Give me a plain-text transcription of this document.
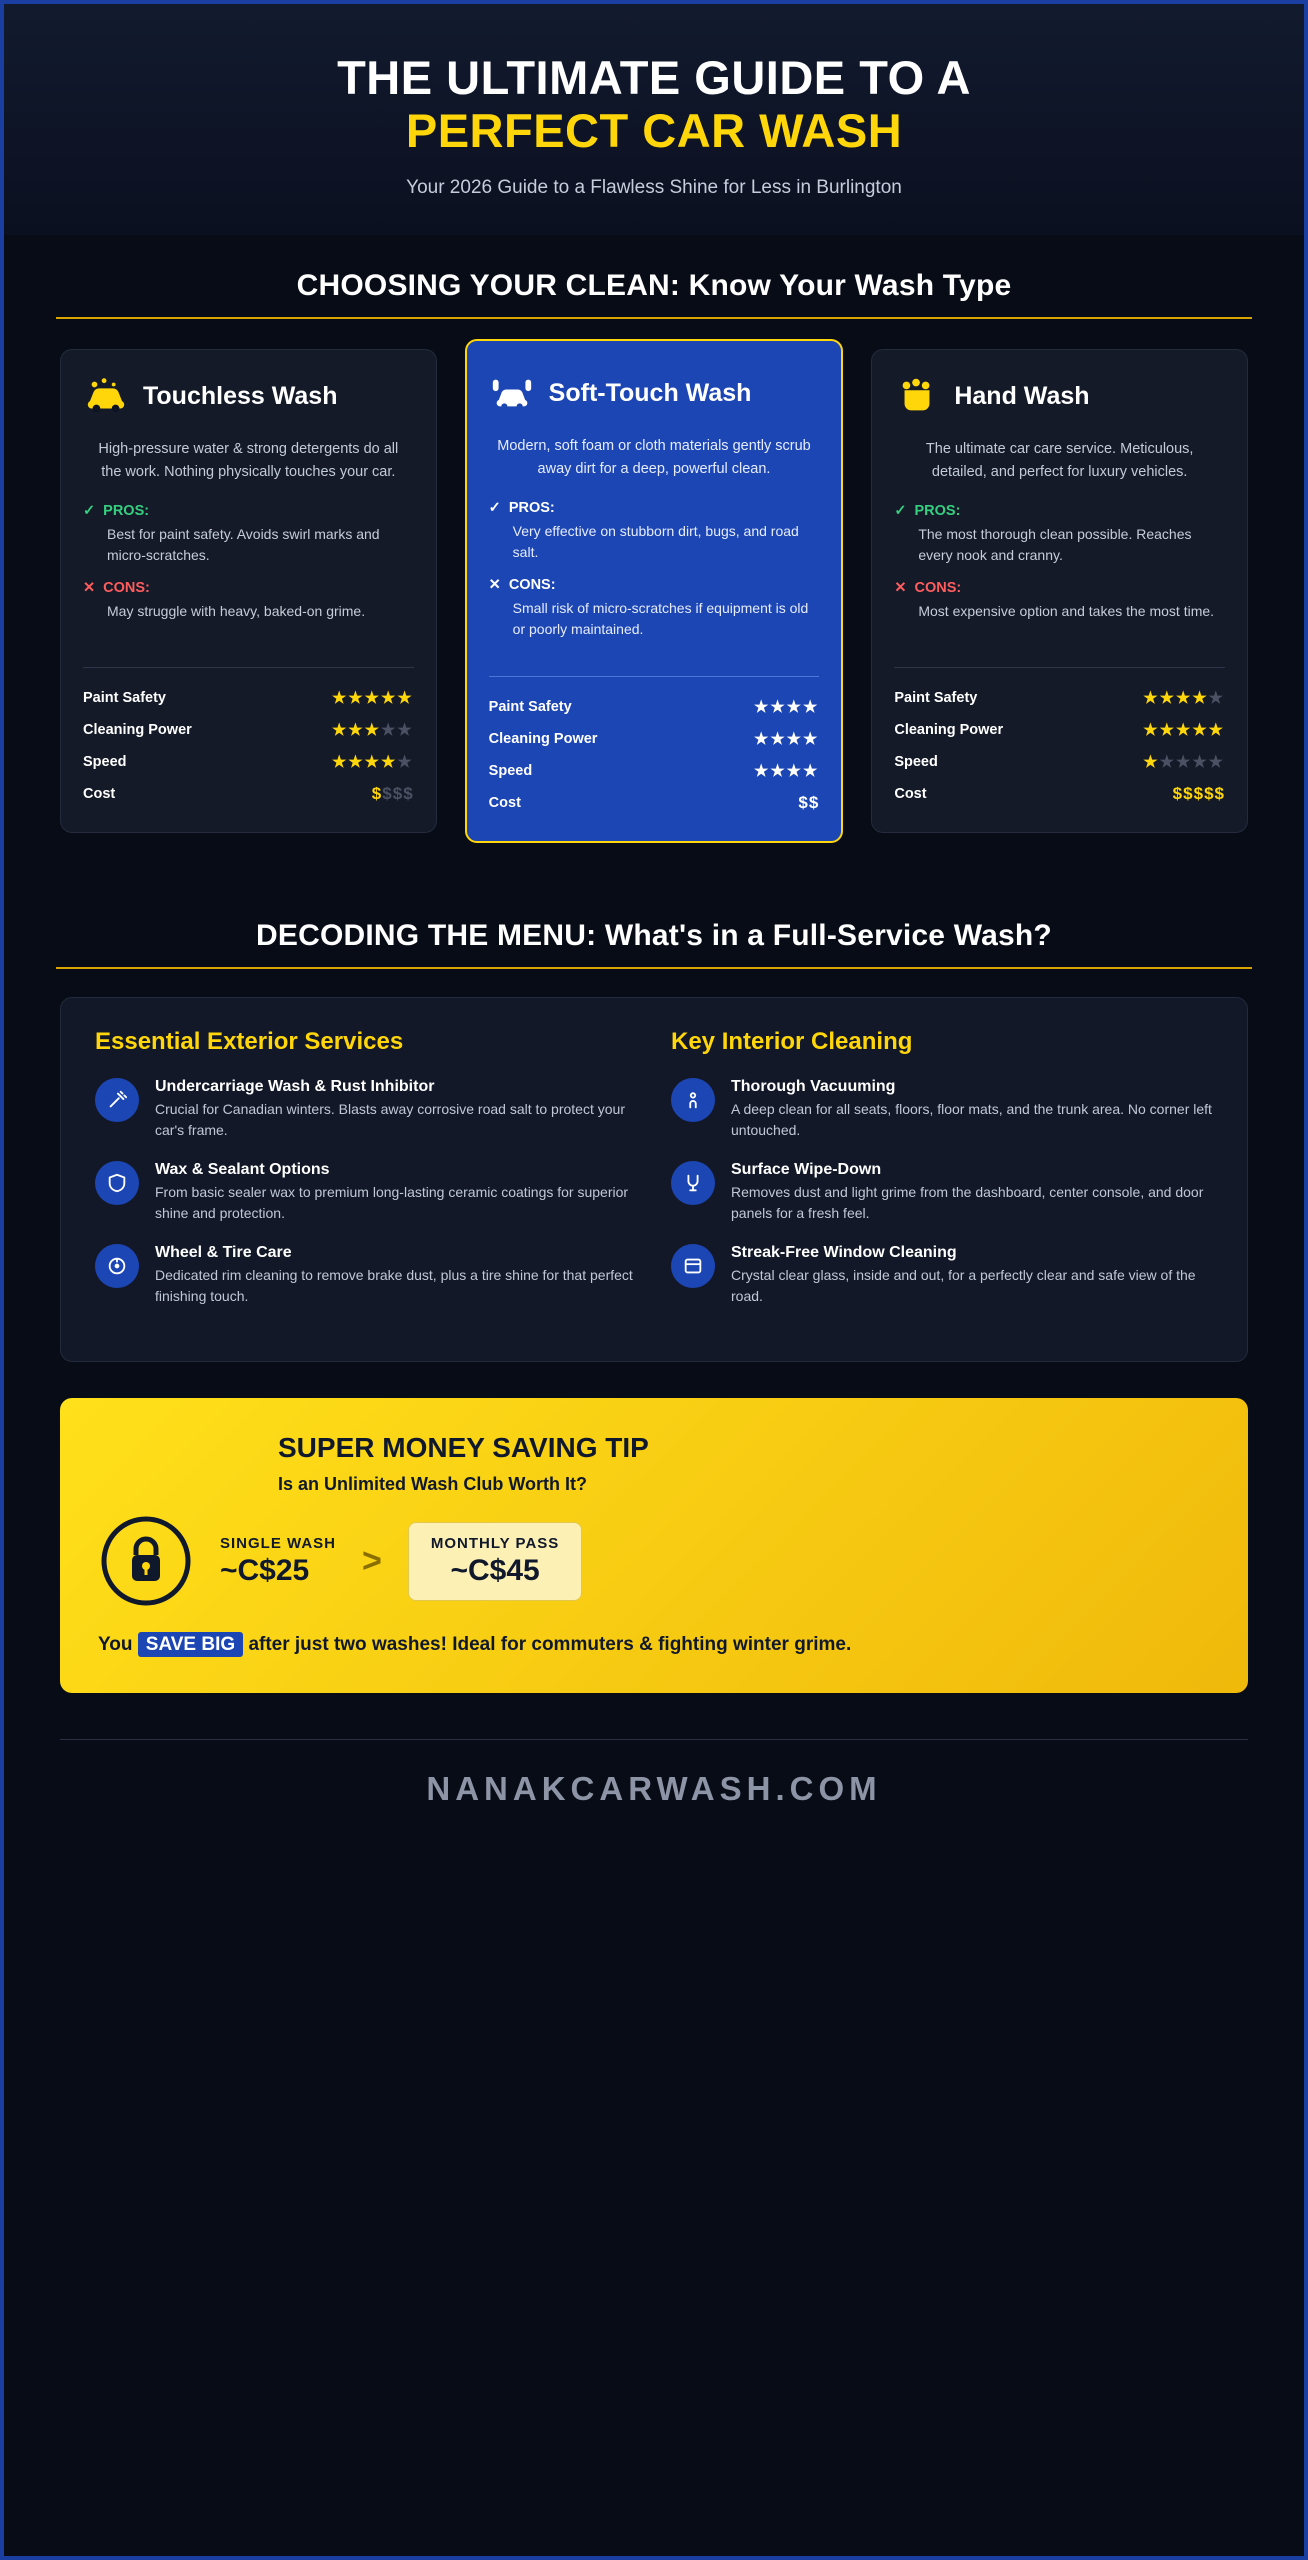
THE ULTIMATE GUIDE TO A
PERFECT CAR WASH
Your 2026 Guide to a Flawless Shine for Less in Burlington
CHOOSING YOUR CLEAN: Know Your Wash Type
Touchless Wash
High-pressure water & strong detergents do all the work. Nothing physically touches your car.
✓ PROS:
Best for paint safety. Avoids swirl marks and micro-scratches.
✕ CONS:
May struggle with heavy, baked-on grime.
Paint Safety	★★★★★
Cleaning Power	★★★★★
Speed	★★★★★
Cost	$$$$
Soft-Touch Wash
Modern, soft foam or cloth materials gently scrub away dirt for a deep, powerful clean.
✓ PROS:
Very effective on stubborn dirt, bugs, and road salt.
✕ CONS:
Small risk of micro-scratches if equipment is old or poorly maintained.
Paint Safety	★★★★
Cleaning Power	★★★★
Speed	★★★★
Cost	$$
Hand Wash
The ultimate car care service. Meticulous, detailed, and perfect for luxury vehicles.
✓ PROS:
The most thorough clean possible. Reaches every nook and cranny.
✕ CONS:
Most expensive option and takes the most time.
Paint Safety	★★★★★
Cleaning Power	★★★★★
Speed	★★★★★
Cost	$$$$$
DECODING THE MENU: What's in a Full-Service Wash?
Essential Exterior Services
Undercarriage Wash & Rust Inhibitor
Crucial for Canadian winters. Blasts away corrosive road salt to protect your car's frame.
Wax & Sealant Options
From basic sealer wax to premium long-lasting ceramic coatings for superior shine and protection.
Wheel & Tire Care
Dedicated rim cleaning to remove brake dust, plus a tire shine for that perfect finishing touch.
Key Interior Cleaning
Thorough Vacuuming
A deep clean for all seats, floors, floor mats, and the trunk area. No corner left untouched.
Surface Wipe-Down
Removes dust and light grime from the dashboard, center console, and door panels for a fresh feel.
Streak-Free Window Cleaning
Crystal clear glass, inside and out, for a perfectly clear and safe view of the road.
SUPER MONEY SAVING TIP
Is an Unlimited Wash Club Worth It?
SINGLE WASH
~C$25	>	MONTHLY PASS
~C$45
You SAVE BIG after just two washes! Ideal for commuters & fighting winter grime.
NANAKCARWASH.COM
